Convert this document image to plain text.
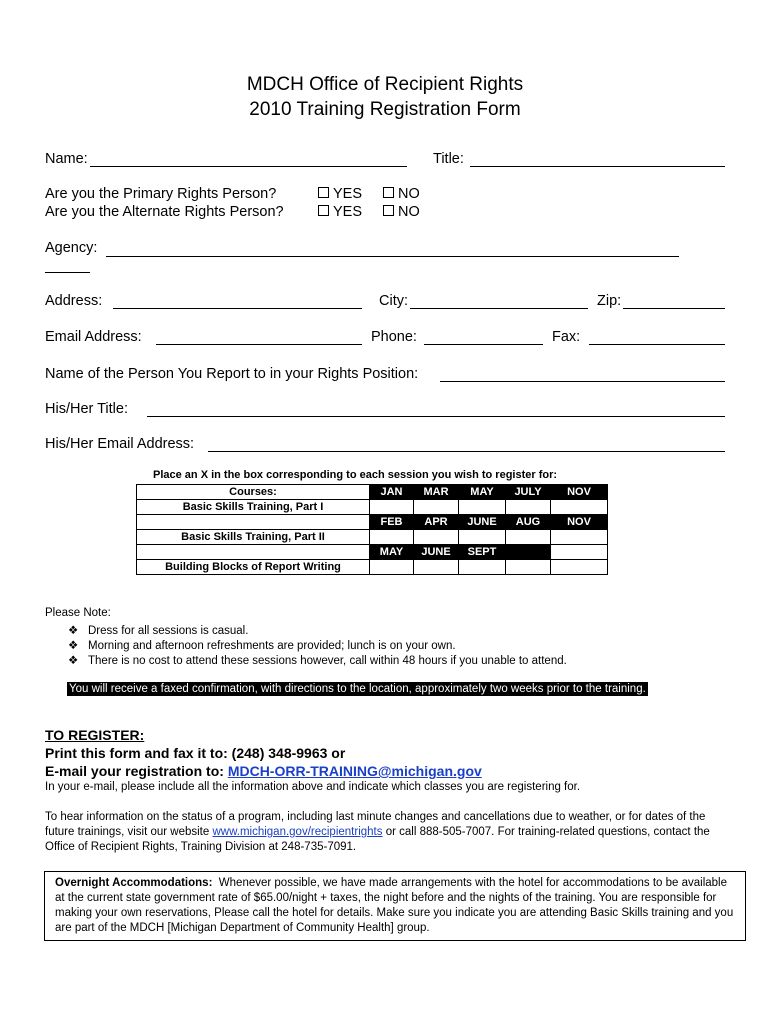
MDCH Office of Recipient Rights
2010 Training Registration Form
Name:	Title:
Are you the Primary Rights Person?	YES	NO
Are you the Alternate Rights Person?	YES	NO
Agency:
Address:	City:	Zip:
Email Address:	Phone:	Fax:
Name of the Person You Report to in your Rights Position:
His/Her Title:
His/Her Email Address:
Place an X in the box corresponding to each session you wish to register for:
Courses:	JAN	MAR	MAY	JULY	NOV
Basic Skills Training, Part I					
	FEB	APR	JUNE	AUG	NOV
Basic Skills Training, Part II					
	MAY	JUNE	SEPT		
Building Blocks of Report Writing					
Please Note:
❖ Dress for all sessions is casual.
❖ Morning and afternoon refreshments are provided; lunch is on your own.
❖ There is no cost to attend these sessions however, call within 48 hours if you unable to attend.
You will receive a faxed confirmation, with directions to the location, approximately two weeks prior to the training.
TO REGISTER:
Print this form and fax it to: (248) 348-9963 or
E-mail your registration to: MDCH-ORR-TRAINING@michigan.gov
In your e-mail, please include all the information above and indicate which classes you are registering for.
To hear information on the status of a program, including last minute changes and cancellations due to weather, or for dates of the future trainings, visit our website www.michigan.gov/recipientrights or call 888-505-7007. For training-related questions, contact the Office of Recipient Rights, Training Division at 248-735-7091.
Overnight Accommodations: Whenever possible, we have made arrangements with the hotel for accommodations to be available at the current state government rate of $65.00/night + taxes, the night before and the nights of the training. You are responsible for making your own reservations, Please call the hotel for details. Make sure you indicate you are attending Basic Skills training and you are part of the MDCH [Michigan Department of Community Health] group.
